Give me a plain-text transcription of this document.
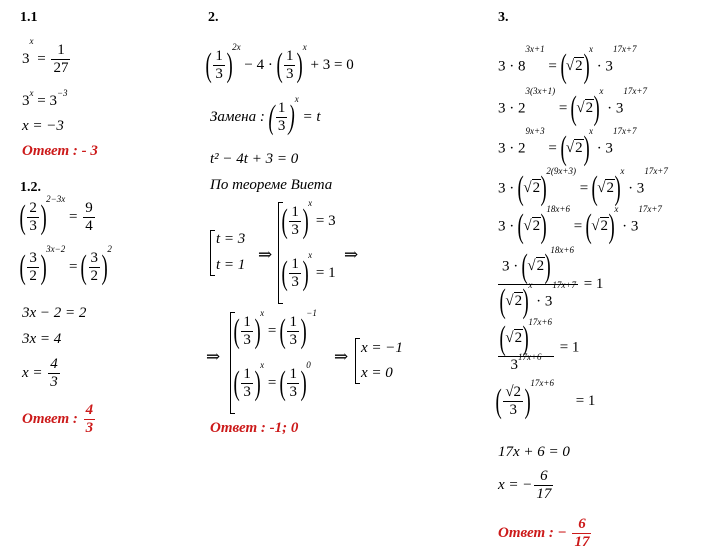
1.1
$3^x = \frac{1}{27}$
$3^x = 3^{-3}$
x = −3
Ответ : - 3
1.2.
( $\frac{2}{3} )^{2-3x} = \frac{9}{4}$
( $\frac{3}{2} )^{3x-2}$ = ( $\frac{3}{2} )^2$
3x − 2 = 2
3x = 4
$x = \frac{4}{3}$
Ответ : $\frac{4}{3}$
2.
( $\frac{1}{3} )^{2x} - 4$ · ( $\frac{1}{3} )^x + 3 = 0$
Замена : ( $\frac{1}{3} )^x = t$
t² − 4t + 3 = 0
По теореме Виета
t = 3
t = 1
⇒
( $\frac{1}{3} )^x = 3$
( $\frac{1}{3} )^x = 1$
⇒
⇒
( $\frac{1}{3} )^x$ = ( $\frac{1}{3} )^{-1}$
( $\frac{1}{3} )^x$ = ( $\frac{1}{3} )^0$ ⇒ x = −1
x = 0
Ответ : -1; 0
3.
$3 \cdot 8^{3x+1} = (√2)^x \cdot 3^{17x+7}$
$3 \cdot 2^{3(3x+1)} = (√2)^x \cdot 3^{17x+7}$
$3 \cdot 2^{9x+3} = (√2)^x \cdot 3^{17x+7}$
$3 \cdot (√2)^{2(9x+3)} = (√2)^x \cdot 3^{17x+7}$
$3 \cdot (√2)^{18x+6} = (√2)^x \cdot 3^{17x+7}$
$\frac{3 \cdot (√2)^{18x+6}}{(√2)^x \cdot 3^{17x+7}} = 1$
$\frac{(√2)^{17x+6}}{3^{17x+6}} = 1$
( $\frac{√2}{3} )^{17x+6} = 1$
17x + 6 = 0
x = − $\frac{6}{17}$
Ответ : − $\frac{6}{17}$
